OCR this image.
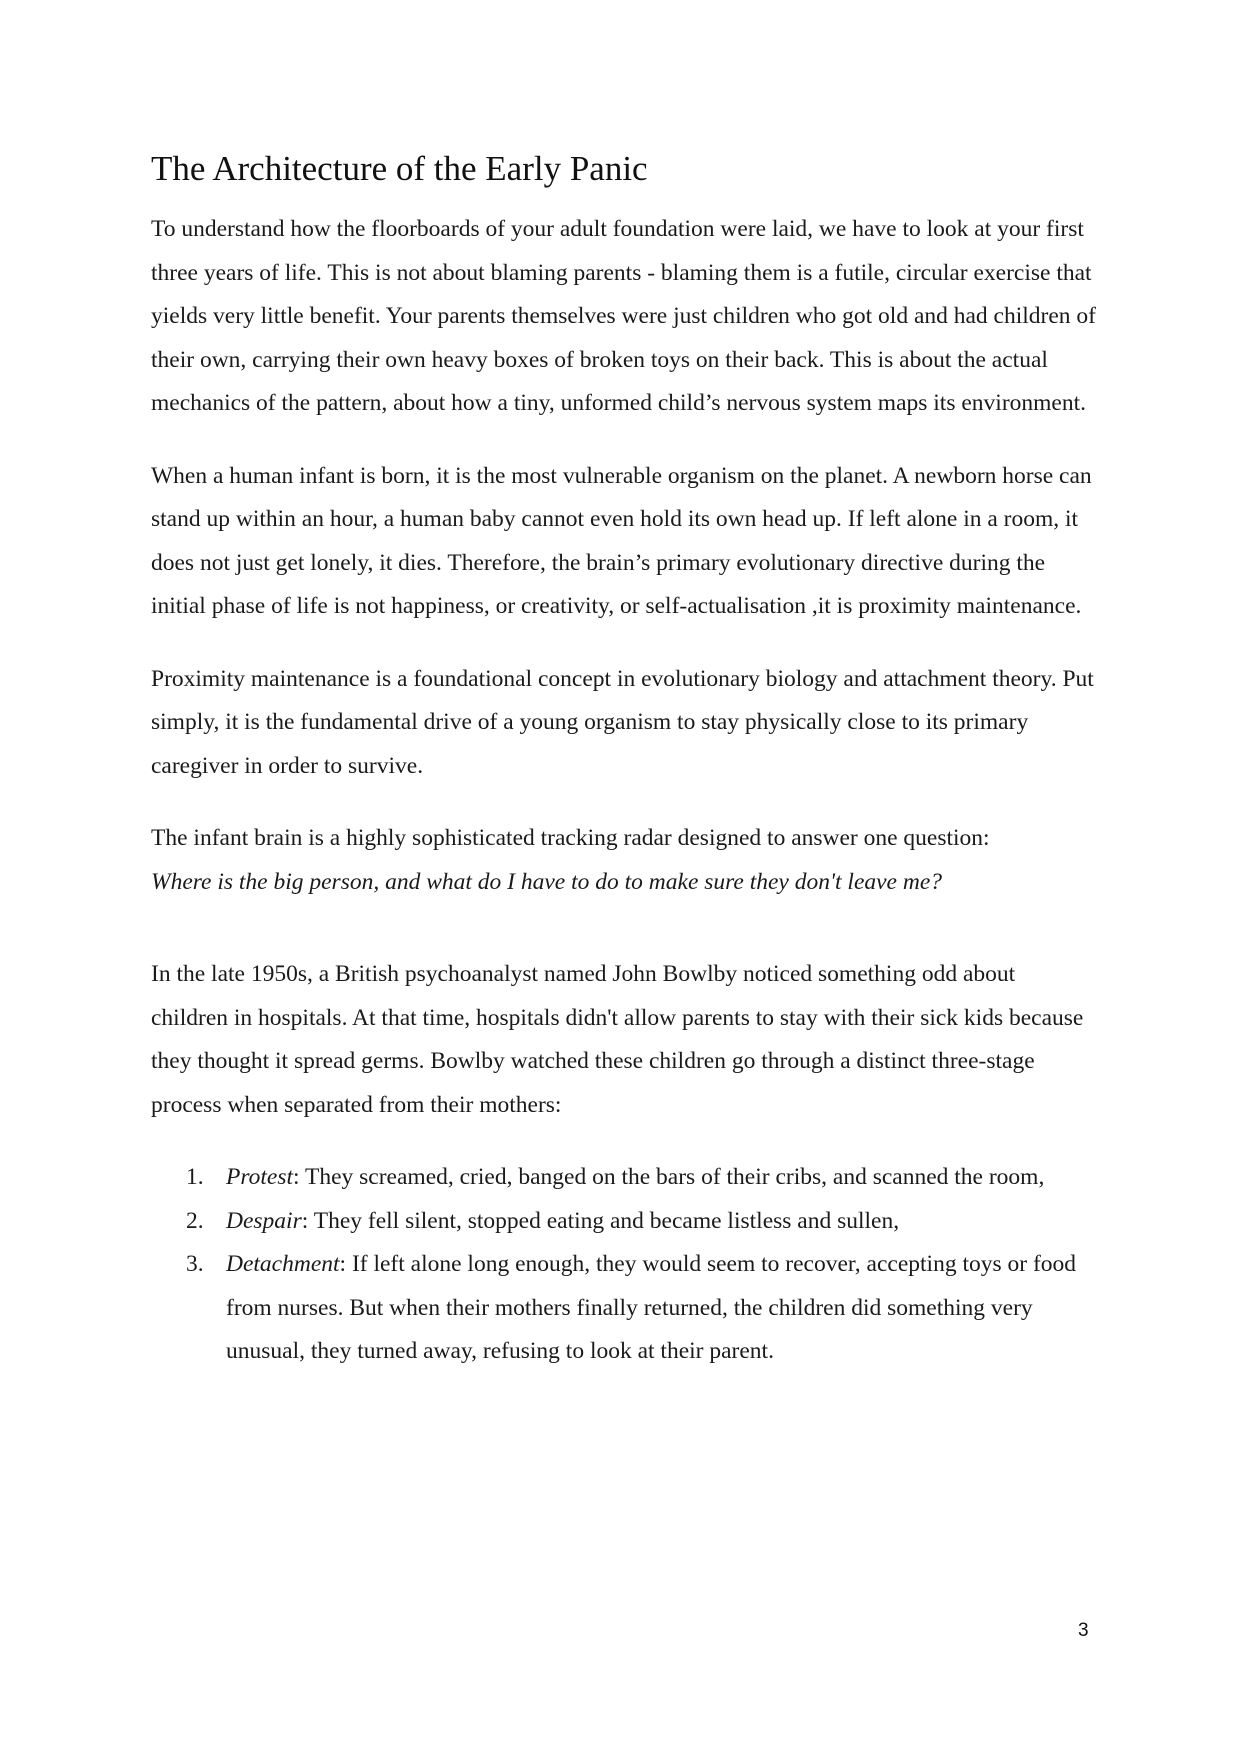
The Architecture of the Early Panic

To understand how the floorboards of your adult foundation were laid, we have to look at your first three years of life. This is not about blaming parents - blaming them is a futile, circular exercise that yields very little benefit. Your parents themselves were just children who got old and had children of their own, carrying their own heavy boxes of broken toys on their back. This is about the actual mechanics of the pattern, about how a tiny, unformed child’s nervous system maps its environment.

When a human infant is born, it is the most vulnerable organism on the planet. A newborn horse can stand up within an hour, a human baby cannot even hold its own head up. If left alone in a room, it does not just get lonely, it dies. Therefore, the brain’s primary evolutionary directive during the initial phase of life is not happiness, or creativity, or self-actualisation ,it is proximity maintenance.

Proximity maintenance is a foundational concept in evolutionary biology and attachment theory. Put simply, it is the fundamental drive of a young organism to stay physically close to its primary caregiver in order to survive.

The infant brain is a highly sophisticated tracking radar designed to answer one question:

Where is the big person, and what do I have to do to make sure they don't leave me?

In the late 1950s, a British psychoanalyst named John Bowlby noticed something odd about children in hospitals. At that time, hospitals didn't allow parents to stay with their sick kids because they thought it spread germs. Bowlby watched these children go through a distinct three-stage process when separated from their mothers:

1. Protest: They screamed, cried, banged on the bars of their cribs, and scanned the room,
2. Despair: They fell silent, stopped eating and became listless and sullen,
3. Detachment: If left alone long enough, they would seem to recover, accepting toys or food from nurses. But when their mothers finally returned, the children did something very unusual, they turned away, refusing to look at their parent.
3
